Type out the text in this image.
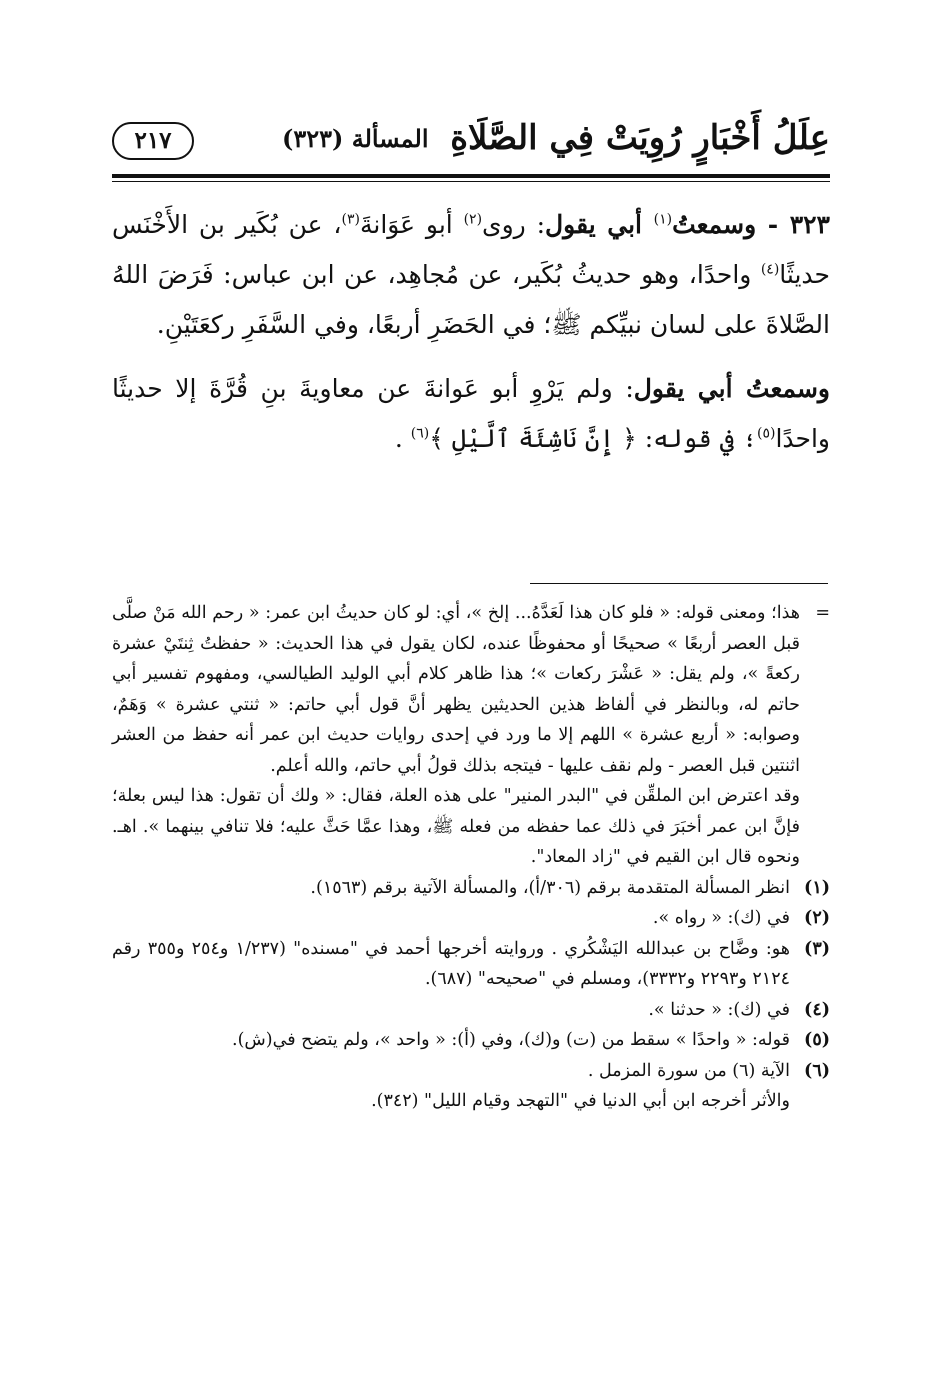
عِلَلُ أَخْبَارٍ رُوِيَتْ فِي الصَّلَاةِ
المسألة (٣٢٣)
٢١٧

٣٢٣ - وسمعتُ$^{(١)}$ أبي يقول: روى$^{(٢)}$ أبو عَوَانةَ$^{(٣)}$، عن بُكَير بن الأَخْنَس حديثًا$^{(٤)}$ واحدًا، وهو حديثُ بُكَير، عن مُجاهِد، عن ابن عباس: فَرَضَ اللهُ الصَّلاةَ على لسان نبيِّكم ﷺ؛ في الحَضَرِ أربعًا، وفي السَّفَرِ ركعَتَيْنِ.

وسمعتُ أبي يقول: ولم يَرْوِ أبو عَوانةَ عن معاويةَ بنِ قُرَّةَ إلا حديثًا واحدًا$^{(٥)}$؛ في قوله: ﴿ إِنَّ نَاشِئَةَ ٱلَّيْلِ ﴾$^{(٦)}$ .

=

هذا؛ ومعنى قوله: « فلو كان هذا لَعَدَّهُ... إلخ »، أي: لو كان حديثُ ابن عمر: « رحم الله مَنْ صلَّى قبل العصر أربعًا » صحيحًا أو محفوظًا عنده، لكان يقول في هذا الحديث: « حفظتُ ثِنتَيْ عشرة ركعةً »، ولم يقل: « عَشْرَ ركعات »؛ هذا ظاهر كلام أبي الوليد الطيالسي، ومفهوم تفسير أبي حاتم له، وبالنظر في ألفاظ هذين الحديثين يظهر أنَّ قول أبي حاتم: « ثنتي عشرة » وَهَمٌ، وصوابه: « أربع عشرة » اللهم إلا ما ورد في إحدى روايات حديث ابن عمر أنه حفظ من العشر اثنتين قبل العصر - ولم نقف عليها - فيتجه بذلك قولُ أبي حاتم، والله أعلم.

وقد اعترض ابن الملقِّن في "البدر المنير" على هذه العلة، فقال: « ولك أن تقول: هذا ليس بعلة؛ فإنَّ ابن عمر أخبَرَ في ذلك عما حفظه من فعله ﷺ، وهذا عمَّا حَثَّ عليه؛ فلا تنافي بينهما ». اهـ. ونحوه قال ابن القيم في "زاد المعاد".

(١)
انظر المسألة المتقدمة برقم (٣٠٦/أ)، والمسألة الآتية برقم (١٥٦٣).
(٢)
في (ك): « رواه ».
(٣)
هو: وضَّاح بن عبدالله اليَشْكُري . وروايته أخرجها أحمد في "مسنده" (١/٢٣٧ و٢٥٤ و٣٥٥ رقم ٢١٢٤ و٢٢٩٣ و٣٣٣٢)، ومسلم في "صحيحه" (٦٨٧).
(٤)
في (ك): « حدثنا ».
(٥)
قوله: « واحدًا » سقط من (ت) و(ك)، وفي (أ): « واحد »، ولم يتضح في(ش).
(٦)
الآية (٦) من سورة المزمل .

والأثر أخرجه ابن أبي الدنيا في "التهجد وقيام الليل" (٣٤٢).
